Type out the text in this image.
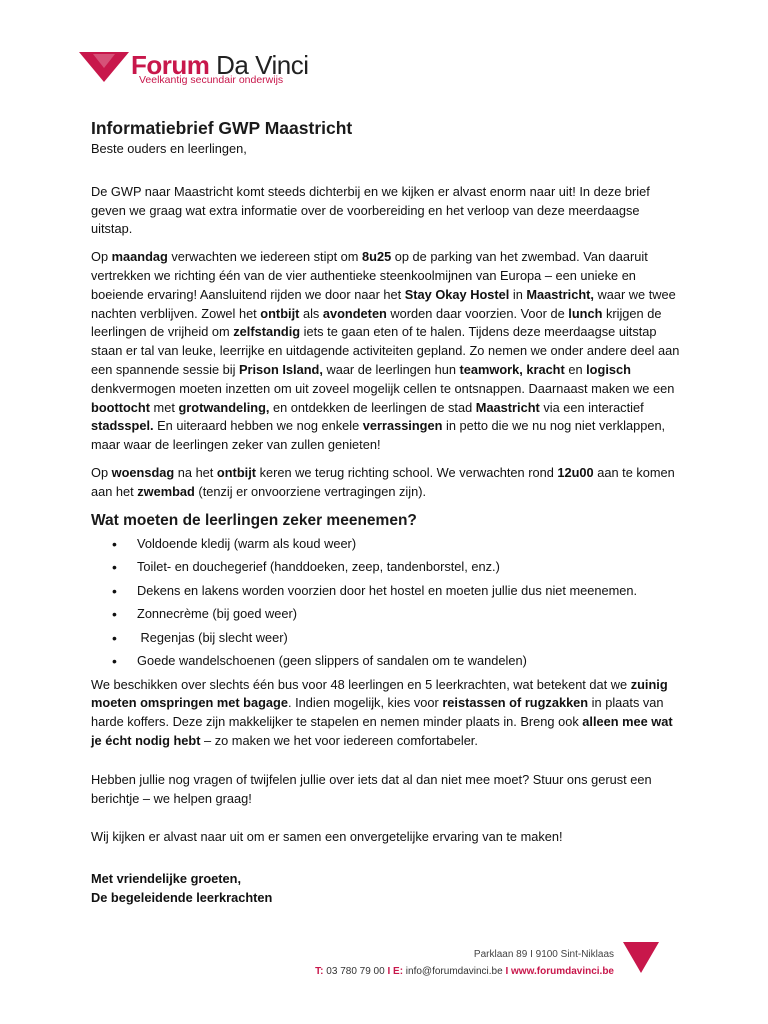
Forum Da Vinci
Veelkantig secundair onderwijs
Informatiebrief GWP Maastricht

Beste ouders en leerlingen,

De GWP naar Maastricht komt steeds dichterbij en we kijken er alvast enorm naar uit! In deze brief geven we graag wat extra informatie over de voorbereiding en het verloop van deze meerdaagse uitstap.

Op maandag verwachten we iedereen stipt om 8u25 op de parking van het zwembad. Van daaruit vertrekken we richting één van de vier authentieke steenkoolmijnen van Europa – een unieke en boeiende ervaring! Aansluitend rijden we door naar het Stay Okay Hostel in Maastricht, waar we twee nachten verblijven. Zowel het ontbijt als avondeten worden daar voorzien. Voor de lunch krijgen de leerlingen de vrijheid om zelfstandig iets te gaan eten of te halen. Tijdens deze meerdaagse uitstap staan er tal van leuke, leerrijke en uitdagende activiteiten gepland. Zo nemen we onder andere deel aan een spannende sessie bij Prison Island, waar de leerlingen hun teamwork, kracht en logisch denkvermogen moeten inzetten om uit zoveel mogelijk cellen te ontsnappen. Daarnaast maken we een boottocht met grotwandeling, en ontdekken de leerlingen de stad Maastricht via een interactief stadsspel. En uiteraard hebben we nog enkele verrassingen in petto die we nu nog niet verklappen, maar waar de leerlingen zeker van zullen genieten!

Op woensdag na het ontbijt keren we terug richting school. We verwachten rond 12u00 aan te komen aan het zwembad (tenzij er onvoorziene vertragingen zijn).

Wat moeten de leerlingen zeker meenemen?
• Voldoende kledij (warm als koud weer)
• Toilet- en douchegerief (handdoeken, zeep, tandenborstel, enz.)
• Dekens en lakens worden voorzien door het hostel en moeten jullie dus niet meenemen.
• Zonnecrème (bij goed weer)
•  Regenjas (bij slecht weer)
• Goede wandelschoenen (geen slippers of sandalen om te wandelen)

We beschikken over slechts één bus voor 48 leerlingen en 5 leerkrachten, wat betekent dat we zuinig moeten omspringen met bagage. Indien mogelijk, kies voor reistassen of rugzakken in plaats van harde koffers. Deze zijn makkelijker te stapelen en nemen minder plaats in. Breng ook alleen mee wat je écht nodig hebt – zo maken we het voor iedereen comfortabeler.

Hebben jullie nog vragen of twijfelen jullie over iets dat al dan niet mee moet? Stuur ons gerust een berichtje – we helpen graag!

Wij kijken er alvast naar uit om er samen een onvergetelijke ervaring van te maken!

Met vriendelijke groeten,
De begeleidende leerkrachten
Parklaan 89 I 9100 Sint-Niklaas
T: 03 780 79 00 I E: info@forumdavinci.be I www.forumdavinci.be
